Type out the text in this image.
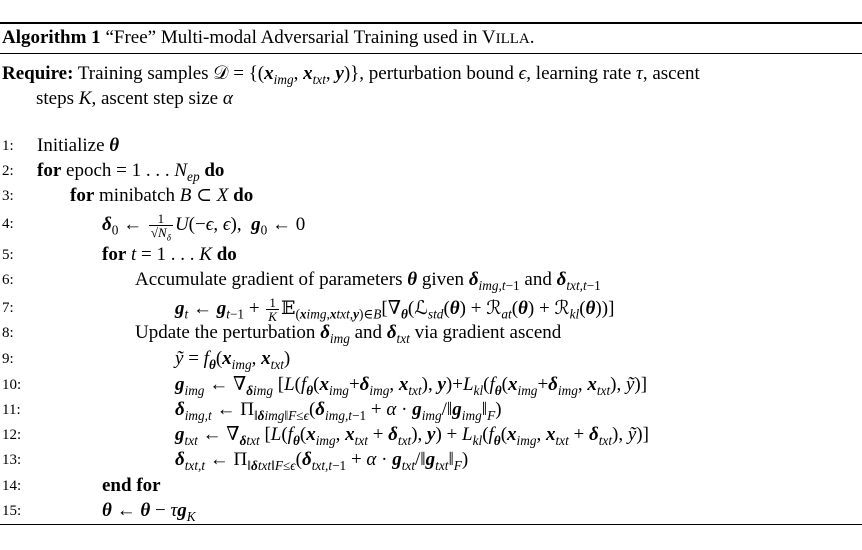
Algorithm 1 “Free” Multi-modal Adversarial Training used in VILLA.
Require: Training samples 𝒟 = {($x_{img}$, $x_{txt}$, y)}, perturbation bound ϵ, learning rate τ, ascent
steps K, ascent step size α
1:	Initialize θ
2:	for epoch = 1 . . . $N_{ep}$ do
3:	for minibatch B ⊂ X do
4:	$\delta_0$ ← $\frac{1}{√N_\delta} U(-\epsilon$, ϵ),  $g_0$ ← 0
5:	for t = 1 . . . K do
6:	Accumulate gradient of parameters θ given $\delta_{img,t-1}$ and $\delta_{txt,t-1}$
7:	$g_t$ ← $g_{t-1} + \frac{1}{K}$ $𝔼_{(ximg,xtxt,y)\in B}[\nabla_\theta(ℒ_{std}(\theta)$ + ℛ$_{at}$(θ) + ℛ$_{kl}$(θ))]
8:	Update the perturbation $\delta_{img}$ and $\delta_{txt}$ via gradient ascend
9:	ỹ = $f_\theta(x_{img}$, $x_{txt}$)
10:	$g_{img}$ ← $\nabla_{\delta img}$ [$L(f_\theta(x_{img}+\delta_{img}$, $x_{txt}$), $y)+L_{kl}(f_\theta(x_{img}+\delta_{img}$, $x_{txt}$), ỹ)]
11:	$\delta_{img,t}$ ← $\Pi_{‖\delta img‖F\le\epsilon}(\delta_{img,t-1} + \alpha$ · $g_{img}/‖g_{img}‖_F$)
12:	$g_{txt}$ ← $\nabla_{\delta txt}$ [$L(f_\theta(x_{img}$, $x_{txt} + \delta_{txt}$), $y) + L_{kl}(f_\theta(x_{img}$, $x_{txt} + \delta_{txt}$), ỹ)]
13:	$\delta_{txt,t}$ ← $\Pi_{‖\delta txt‖F\le\epsilon}(\delta_{txt,t-1} + \alpha$ · $g_{txt}/‖g_{txt}‖_F$)
14:	end for
15:	θ ← $\theta - \tau g_K$
